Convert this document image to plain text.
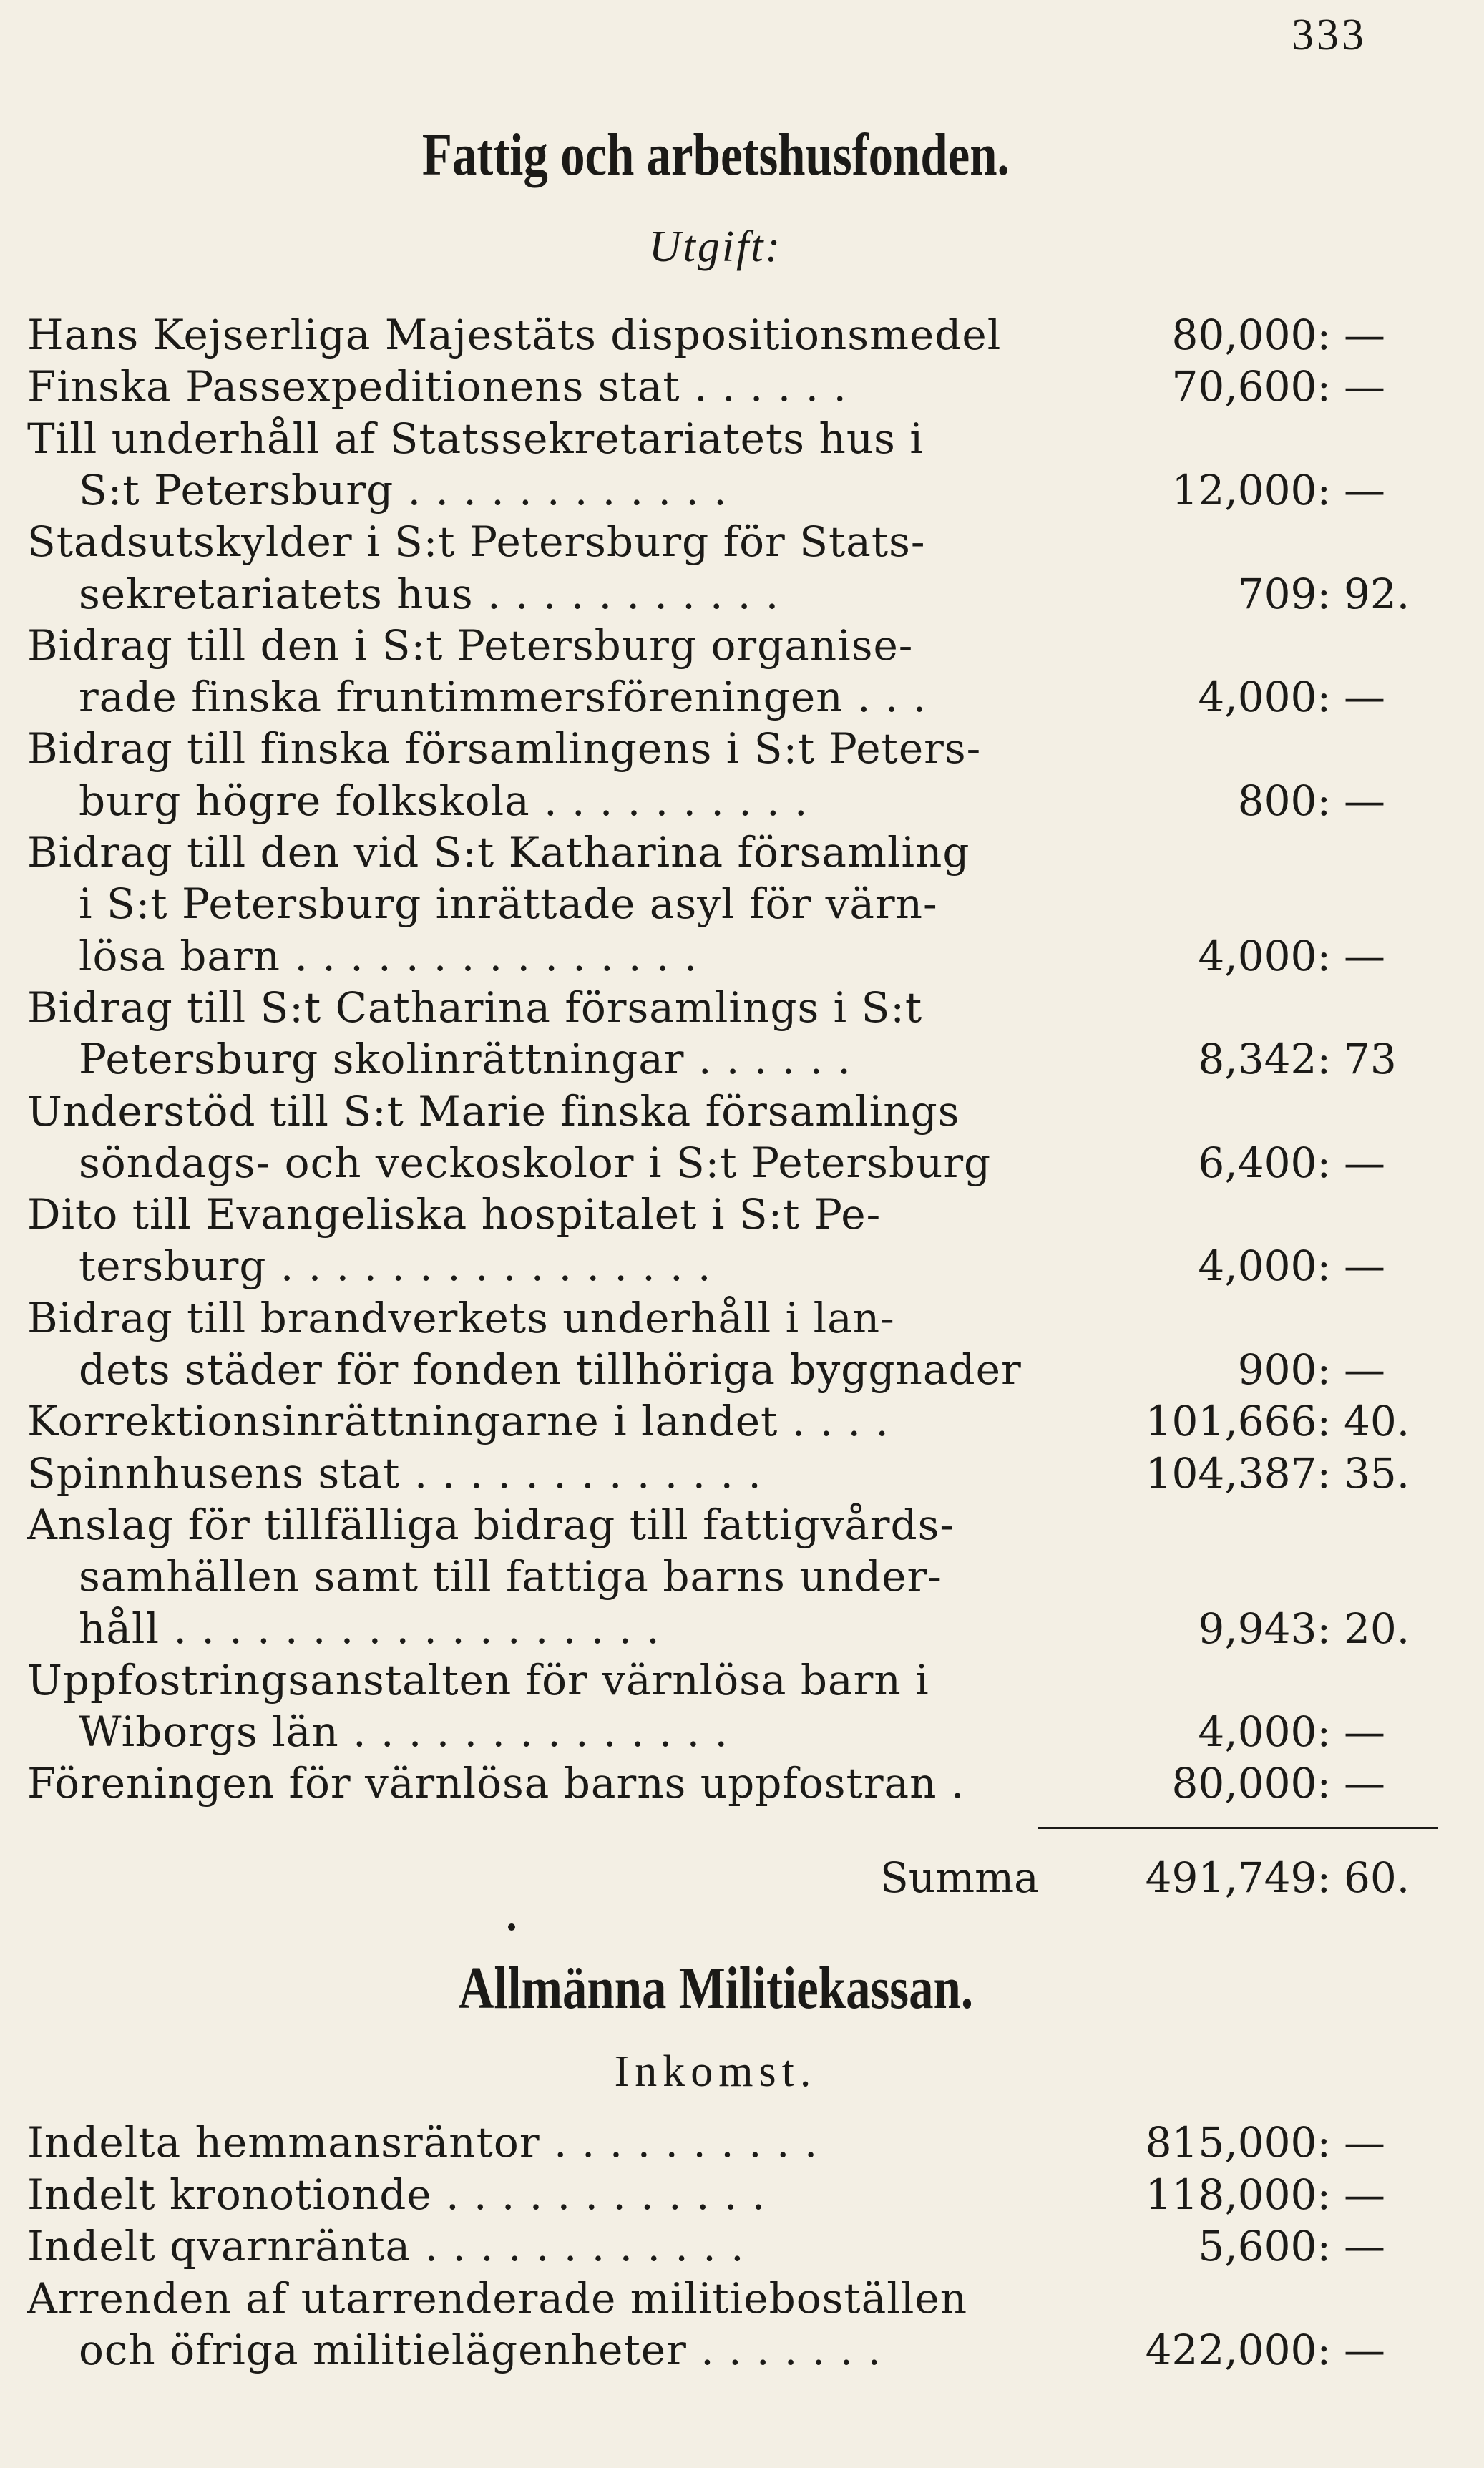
333
Fattig och arbetshusfonden.
Utgift:
Hans Kejserliga Majestäts dispositionsmedel	80,000: —
Finska Passexpeditionens stat . . . . . .	70,600: —
Till underhåll af Statssekretariatets hus i
S:t Petersburg . . . . . . . . . . . .	12,000: —
Stadsutskylder i S:t Petersburg för Stats-
sekretariatets hus . . . . . . . . . . .	709: 92.
Bidrag till den i S:t Petersburg organise-
rade finska fruntimmersföreningen . . .	4,000: —
Bidrag till finska församlingens i S:t Peters-
burg högre folkskola . . . . . . . . . .	800: —
Bidrag till den vid S:t Katharina församling
i S:t Petersburg inrättade asyl för värn-
lösa barn . . . . . . . . . . . . . . .	4,000: —
Bidrag till S:t Catharina församlings i S:t
Petersburg skolinrättningar . . . . . .	8,342: 73
Understöd till S:t Marie finska församlings
söndags- och veckoskolor i S:t Petersburg	6,400: —
Dito till Evangeliska hospitalet i S:t Pe-
tersburg . . . . . . . . . . . . . . . .	4,000: —
Bidrag till brandverkets underhåll i lan-
dets städer för fonden tillhöriga byggnader	900: —
Korrektionsinrättningarne i landet . . . .	101,666: 40.
Spinnhusens stat . . . . . . . . . . . . .	104,387: 35.
Anslag för tillfälliga bidrag till fattigvårds-
samhällen samt till fattiga barns under-
håll . . . . . . . . . . . . . . . . . .	9,943: 20.
Uppfostringsanstalten för värnlösa barn i
Wiborgs län . . . . . . . . . . . . . .	4,000: —
Föreningen för värnlösa barns uppfostran .	80,000: —
Summa	491,749: 60.
Allmänna Militiekassan.
Inkomst.
Indelta hemmansräntor . . . . . . . . . .	815,000: —
Indelt kronotionde . . . . . . . . . . . .	118,000: —
Indelt qvarnränta . . . . . . . . . . . .	5,600: —
Arrenden af utarrenderade militieboställen
och öfriga militielägenheter . . . . . . .	422,000: —
